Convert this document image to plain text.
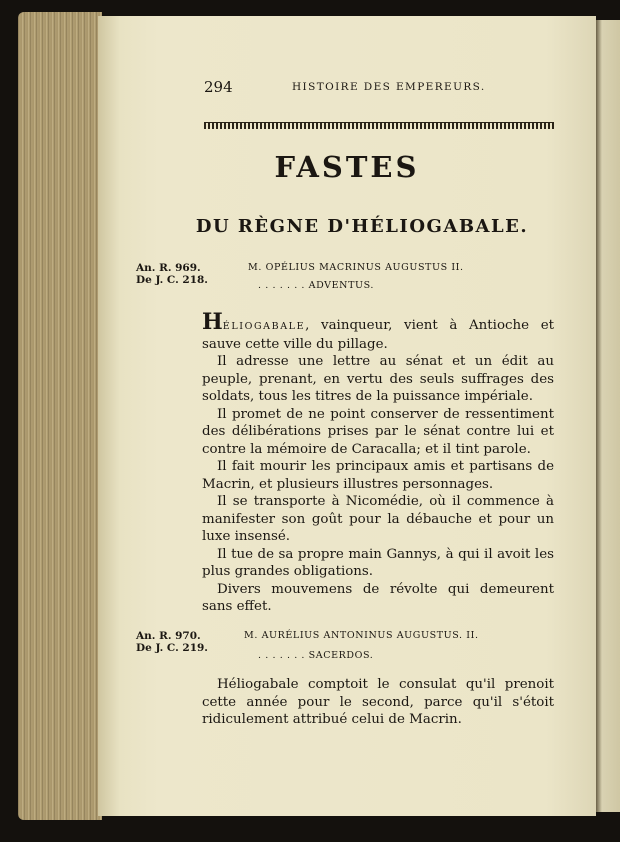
294	HISTOIRE DES EMPEREURS.
FASTES
DU RÈGNE D'HÉLIOGABALE.
An. R. 969.
De J. C. 218.
M. OPÉLIUS MACRINUS AUGUSTUS II.
. . . . . . . ADVENTUS.

HÉLIOGABALE, vainqueur, vient à Antioche et sauve cette ville du pillage.

Il adresse une lettre au sénat et un édit au peuple, prenant, en vertu des seuls suffrages des soldats, tous les titres de la puissance impériale.

Il promet de ne point conserver de ressentiment des délibérations prises par le sénat contre lui et contre la mémoire de Caracalla; et il tint parole.

Il fait mourir les principaux amis et partisans de Macrin, et plusieurs illustres personnages.

Il se transporte à Nicomédie, où il commence à manifester son goût pour la débauche et pour un luxe insensé.

Il tue de sa propre main Gannys, à qui il avoit les plus grandes obligations.

Divers mouvemens de révolte qui demeurent sans effet.

An. R. 970.
De J. C. 219.
M. AURÉLIUS ANTONINUS AUGUSTUS. II.
. . . . . . . SACERDOS.

Héliogabale comptoit le consulat qu'il prenoit cette année pour le second, parce qu'il s'étoit ridiculement attribué celui de Macrin.
